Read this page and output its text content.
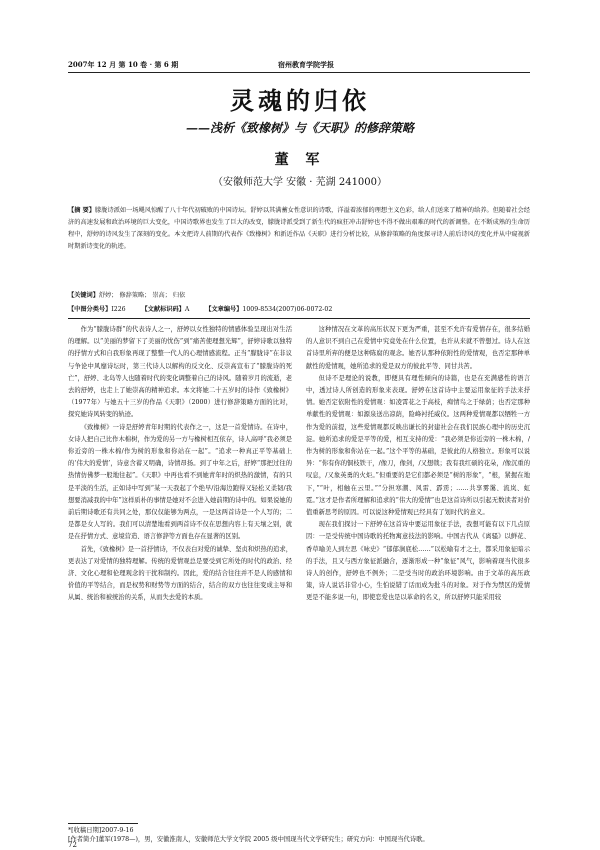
2007年 12 月 第 10 卷 · 第 6 期	宿州教育学院学报
灵魂的归依
——浅析《致橡树》与《天职》的修辞策略
董 军
（安徽师范大学 安徽 · 芜湖 241000）
【摘 要】朦胧诗派如一场飓风惊醒了八十年代初破败的中国诗坛。舒婷以其满蓄女性意识的诗歌，洋溢着浓郁的理想主义色彩，给人们送来了精神的给养。但随着社会经济的高速发展和政治环境的巨大变化，中国诗歌界也发生了巨大的改变，朦胧诗派受到了新生代的疯狂冲击舒婷也不得不做出艰难的时代的新调整。在不断成熟的生命历程中，舒婷的诗风发生了深刻的变化。本文把诗人前期的代表作《致橡树》和新近作品《天职》进行分析比较，从修辞策略的角度探寻诗人前后诗风的变化并从中窥视新时期新诗变化的轨迹。
【关键词】舒婷； 修辞策略； 崇高； 归依
【中图分类号】I226	【文献标识码】A	【文章编号】1009-8534(2007)06-0072-02

作为“朦胧诗群”的代表诗人之一，舒婷以女性独特的情感体验呈现出对生活的理解。以“美丽的梦留下了美丽的忧伤”到“痛苦使理想光辉”，舒婷诗歌以独特的抒情方式和自我形象再现了整整一代人的心理情感流程。正当“朦胧诗”在非议与争论中风靡诗坛时，第三代诗人以解构的反文化、反崇高宣布了“朦胧诗的死亡”，舒婷、北岛等人也随着时代的变化调整着自己的诗风。随着岁月的流逝，老去的舒婷，也走上了她崇高的精神追求。本文将她二十五岁时的诗作《致橡树》（1977年）与她五十三岁的作品《天职》（2000）进行修辞策略方面的比对，探究她诗风转变的轨迹。

《致橡树》一诗是舒婷青年时期的代表作之一，这是一首爱情诗。在诗中，女诗人把自己比作木棉树，作为爱的另一方与橡树相互依存，诗人高呼“我必须是你近旁的一株木棉/作为树的形象和你站在一起”。“追求一种真正平等基础上的‘伟大的爱情’，诗意含蓄又明确，诗情昂扬。到了中年之后，舒婷“那把过往的热情仿佛梦一般地往起”。《天职》中再也看不到她青年时的炽热的激情，有的只是平淡的生活，正如诗中写到“某一天我起了个绝早/沿海边跑得又轻松又柔韧/我想要消减我的中年”这样质朴的事情是她对不会进入她前期的诗中的。如果说她的前后期诗歌还有共同之处，那仅仅能够为两点，一是这两首诗是一个人写的；二是都是女人写的。我们可以清楚地看到两首诗不仅在思想内容上有天壤之别，就是在抒情方式、意境营造、语言修辞等方面也存在显著的区别。

首先，《致橡树》是一首抒情诗，不仅表白对爱的诚挚、坚贞和炽热的追求，更表达了对爱情的独特理解。传统的爱情观总是要受到它所处的时代的政治、经济、文化心理和伦理观念的干扰和制约。因此，爱的结合往往并不是人的感情和价值的平等结合，而是权势和财势等方面的结合，结合的双方也往往变成主导和从属、统治和被统治的关系，从而失去爱的本质。

这种情况在文革的高压状况下更为严重，甚至不允许有爱情存在，很多结婚的人意识不到自己在爱情中究竟处在什么位置，也许从来就不曾想过。诗人在这首诗里所弃的便是这种陈腐的观念。她否认那种依附性的爱情观，也否定那种单献性的爱情观，她所追求的爱是双方的彼此平等、同甘共苦。

但诗不是理论的说教，即便具有理性倾向的诗篇，也是在充满感性的语言中，透过诗人所创造的形象来表现。舒婷在这首诗中主要运用象征的手法来抒情。她否定依附性的爱情观：如凌霄花之于高枝，痴情鸟之于绿荫；也否定那种单献性的爱情观：如源泉送出凉荫，险峰衬托威仪。这两种爱情观都以牺牲一方作为爱的前提，这些爱情观都反映出谦长的封建社会在我们民族心理中的历史沉淀。她所追求的爱是平等的爱，相互支持的爱：“我必须是你近旁的一株木棉，/作为树的形象和你站在一起。”这个平等的基础，是彼此的人格独立。形象可以说异：“你有你的铜枝铁干，/像刀，像剑，/又想戟；我有我红硕的花朵，/像沉重的叹息，/又象英勇的火炬。”但重要的是它们都必须是“树的形象”，“根，紧握在地下，”“叶，相触在云里。”“分担寒潮、风雷、霹雳；……共享雾霭、流岚、虹霓。”这才是作者所理解和追求的“伟大的爱情”也是这首诗所以引起无数读者对价值重新思考的原因。可以说这种爱情观已经具有了划时代的意义。

现在我们探讨一下舒婷在这首诗中要运用象征手法，我想可能有以下几点原因：一是受传统中国诗歌的托物寓意技法的影响。中国古代从《离骚》以鲜花、香草喻美人到左思《咏史》“郁郁涧底松……”以松喻有才之士，都采用象征暗示的手法，且又与西方象征派融合，逐渐形成一种“象征”风气，影响着现当代很多诗人的创作，舒婷也不例外；二是受当时的政治环境影响。由于文革的高压政策，诗人说话非常小心，生怕说错了话而成为批斗的对象。对于作为禁区的爱情更是不能多说一句，即使恋爱也是以革命的名义，所以舒婷只能采用较

*[收稿日期]2007-9-16

[作者简介]董军(1978—)，男，安徽淮南人，安徽师范大学文学院 2005 级中国现当代文学研究生；研究方向：中国现当代诗歌。

72
